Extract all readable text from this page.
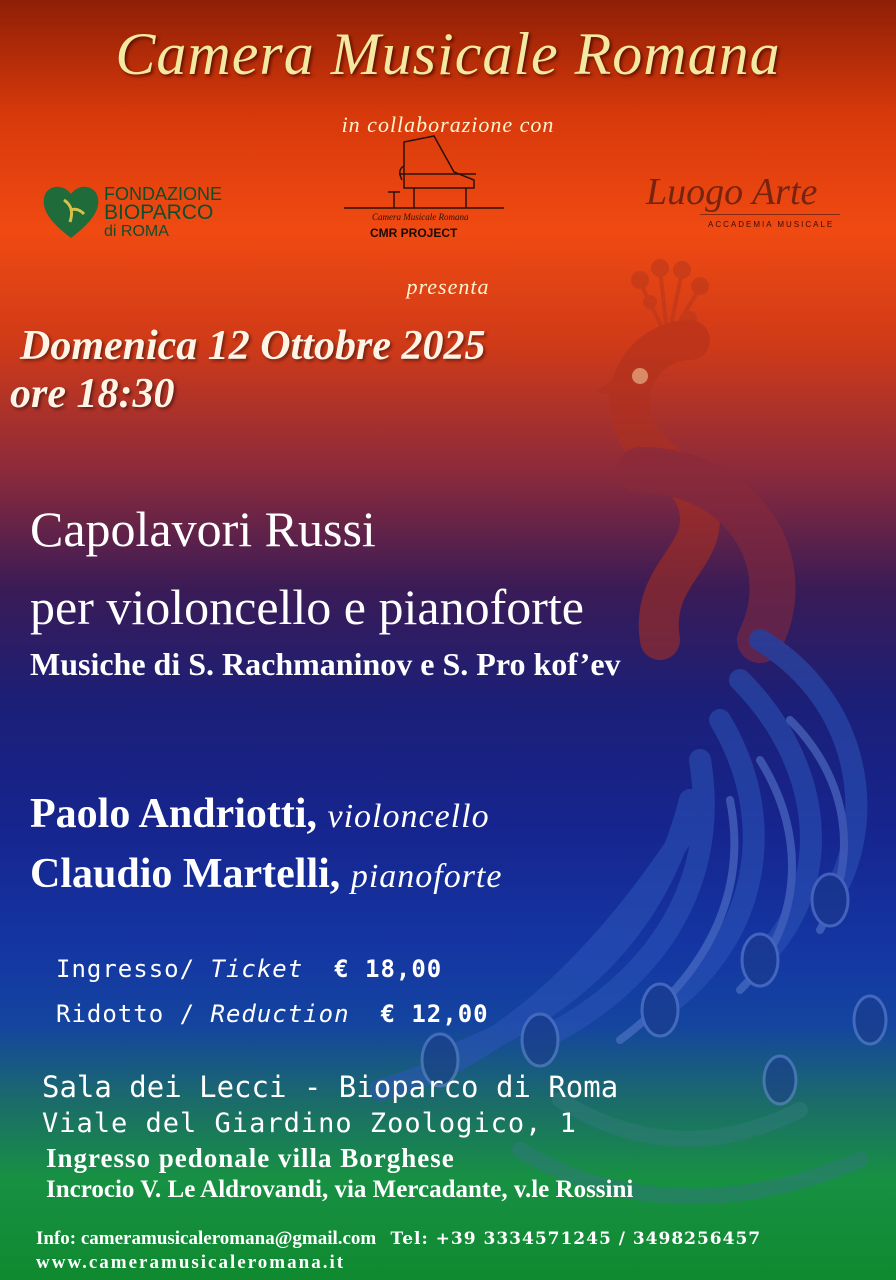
Camera Musicale Romana
in collaborazione con
FONDAZIONE
BIOPARCO
di ROMA
Camera Musicale Romana
CMR PROJECT
Luogo Arte
ACCADEMIA MUSICALE
presenta
Domenica 12 Ottobre 2025
ore 18:30
Capolavori Russi
per violoncello e pianoforte
Musiche di S. Rachmaninov e S. Pro kof’ev
Paolo Andriotti, violoncello
Claudio Martelli, pianoforte
Ingresso/ Ticket € 18,00
Ridotto / Reduction € 12,00
Sala dei Lecci - Bioparco di Roma
Viale del Giardino Zoologico, 1
Ingresso pedonale villa Borghese
Incrocio V. Le Aldrovandi, via Mercadante, v.le Rossini
Info: cameramusicaleromana@gmail.com Tel: +39 3334571245 / 3498256457
www.cameramusicaleromana.it
